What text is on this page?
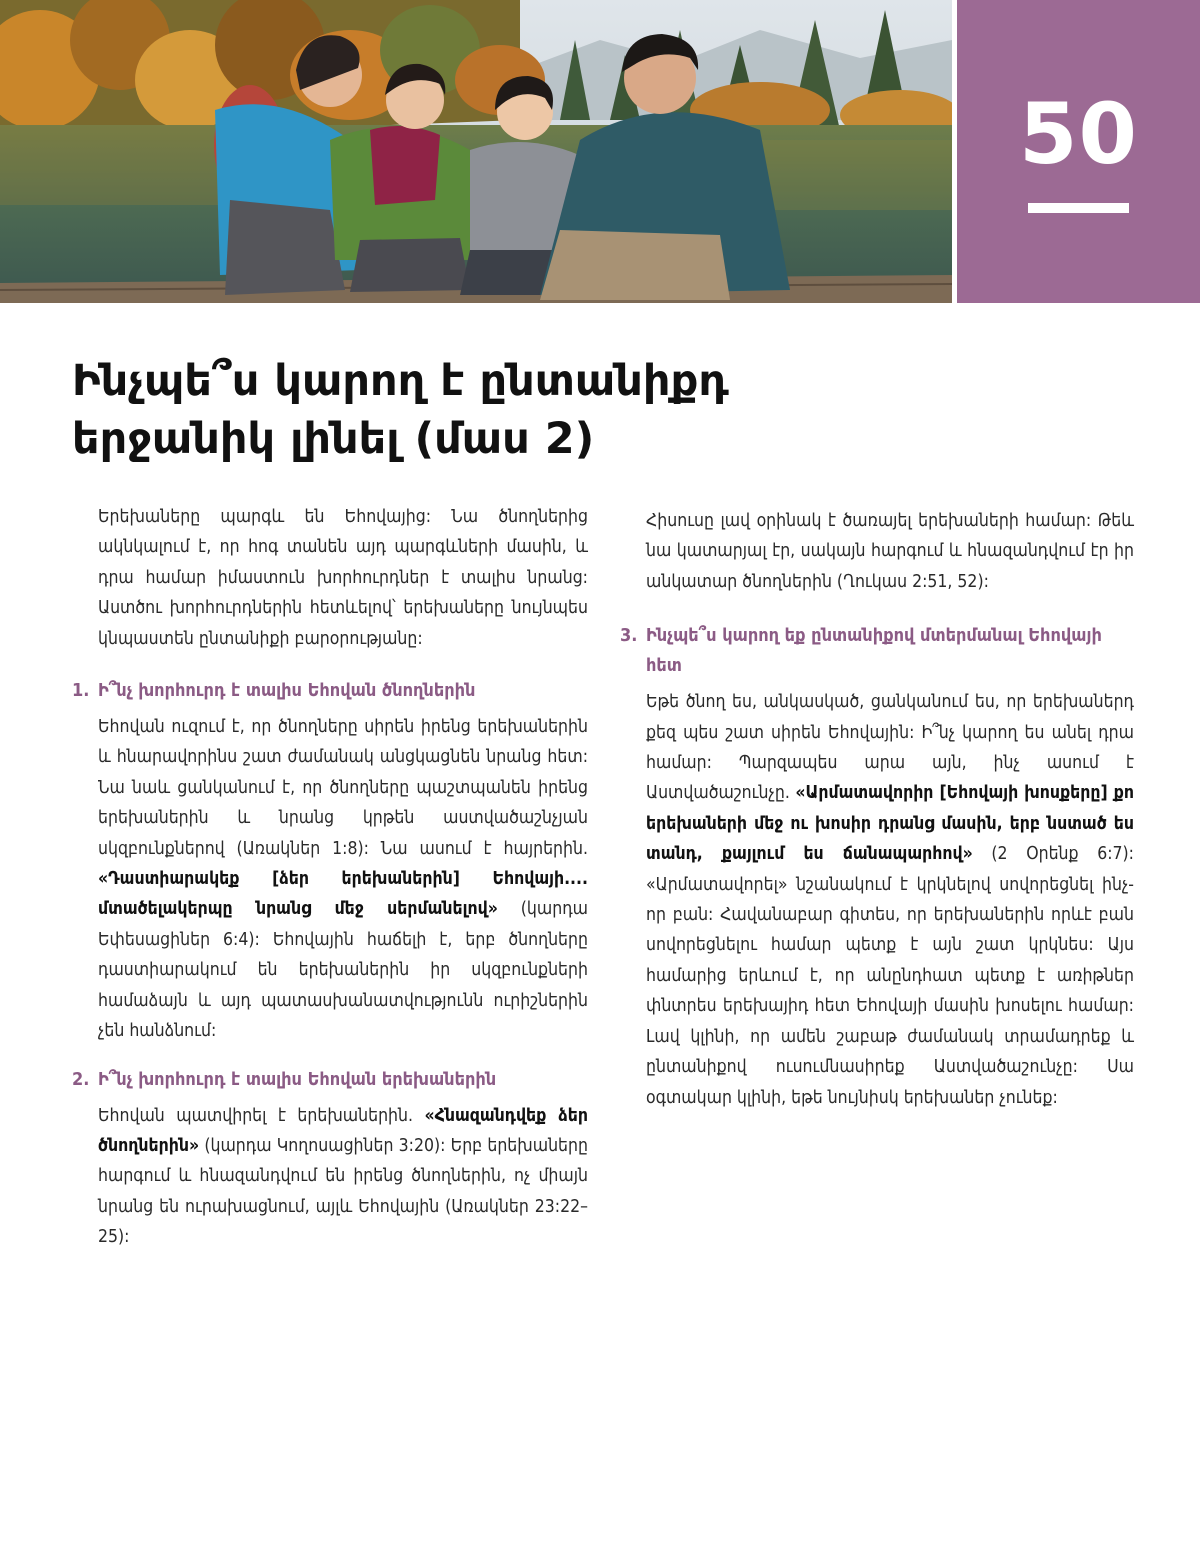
50
Ինչպե՞ս կարող է ընտանիքդ երջանիկ լինել (մաս 2)

Երեխաները պարգև են Եհովայից: Նա ծնողներից ակնկալում է, որ հոգ տանեն այդ պարգևների մասին, և դրա համար իմաստուն խորհուրդներ է տալիս նրանց: Աստծու խորհուրդներին հետևելով՝ երեխաները նույնպես կնպաստեն ընտանիքի բարօրությանը:

1. Ի՞նչ խորհուրդ է տալիս Եհովան ծնողներին

Եհովան ուզում է, որ ծնողները սիրեն իրենց երեխաներին և հնարավորինս շատ ժամանակ անցկացնեն նրանց հետ: Նա նաև ցանկանում է, որ ծնողները պաշտպանեն իրենց երեխաներին և նրանց կրթեն աստվածաշնչյան սկզբունքներով (Առակներ 1:8): Նա ասում է հայրերին. «Դաստիարակեք [ձեր երեխաներին] Եհովայի.... մտածելակերպը նրանց մեջ սերմանելով» (կարդա Եփեսացիներ 6:4): Եհովային հաճելի է, երբ ծնողները դաստիարակում են երեխաներին իր սկզբունքների համաձայն և այդ պատասխանատվությունն ուրիշներին չեն հանձնում:

2. Ի՞նչ խորհուրդ է տալիս Եհովան երեխաներին

Եհովան պատվիրել է երեխաներին. «Հնազանդվեք ձեր ծնողներին» (կարդա Կողոսացիներ 3:20): Երբ երեխաները հարգում և հնազանդվում են իրենց ծնողներին, ոչ միայն նրանց են ուրախացնում, այլև Եհովային (Առակներ 23:22–25):

Հիսուսը լավ օրինակ է ծառայել երեխաների համար: Թեև նա կատարյալ էր, սակայն հարգում և հնազանդվում էր իր անկատար ծնողներին (Ղուկաս 2:51, 52):

3. Ինչպե՞ս կարող եք ընտանիքով մտերմանալ Եհովայի հետ

Եթե ծնող ես, անկասկած, ցանկանում ես, որ երեխաներդ քեզ պես շատ սիրեն Եհովային: Ի՞նչ կարող ես անել դրա համար: Պարզապես արա այն, ինչ ասում է Աստվածաշունչը. «Արմատավորիր [Եհովայի խոսքերը] քո երեխաների մեջ ու խոսիր դրանց մասին, երբ նստած ես տանդ, քայլում ես ճանապարհով» (2 Օրենք 6:7): «Արմատավորել» նշանակում է կրկնելով սովորեցնել ինչ-որ բան: Հավանաբար գիտես, որ երեխաներին որևէ բան սովորեցնելու համար պետք է այն շատ կրկնես: Այս համարից երևում է, որ անընդհատ պետք է առիթներ փնտրես երեխայիդ հետ Եհովայի մասին խոսելու համար: Լավ կլինի, որ ամեն շաբաթ ժամանակ տրամադրեք և ընտանիքով ուսումնասիրեք Աստվածաշունչը: Սա օգտակար կլինի, եթե նույնիսկ երեխաներ չունեք:
